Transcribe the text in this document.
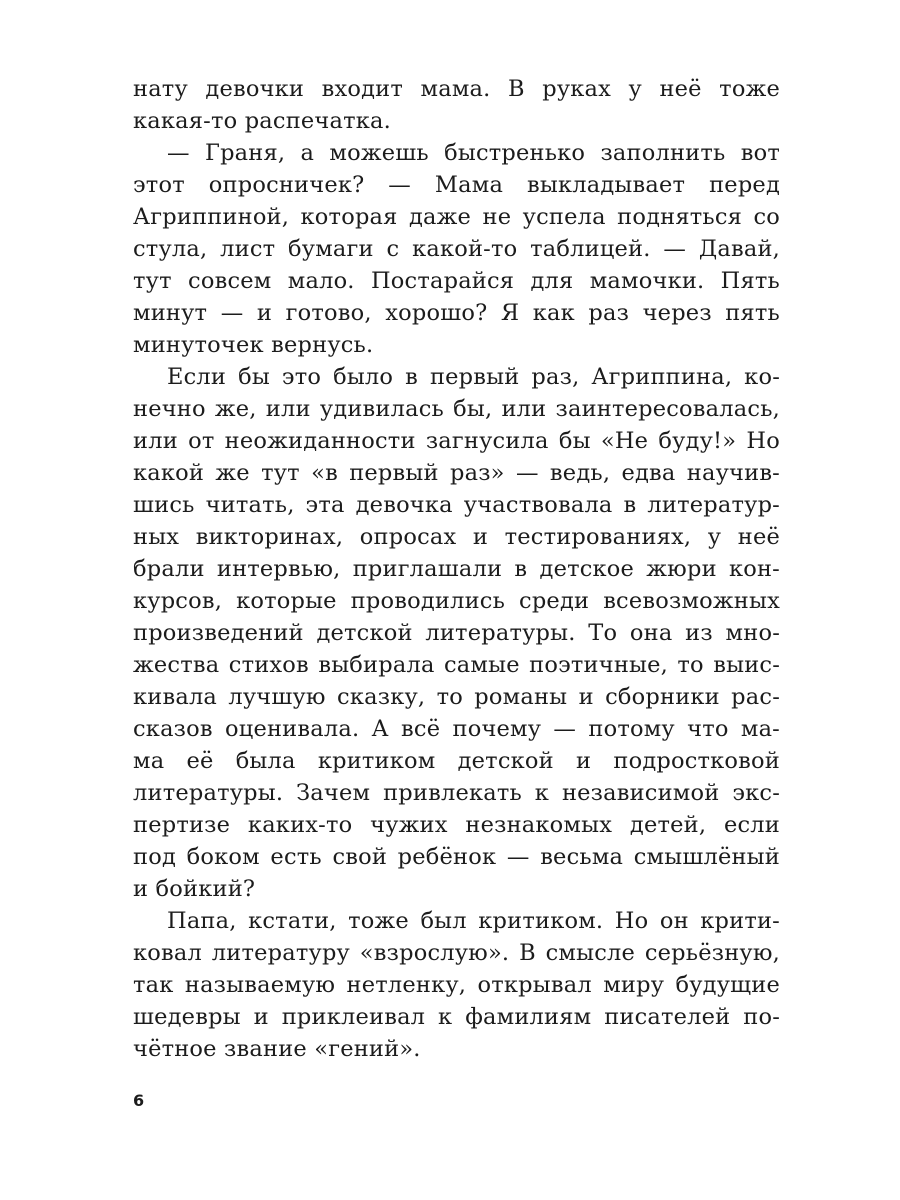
нату девочки входит мама. В руках у неё тоже
какая-то распечатка.
— Граня, а можешь быстренько заполнить вот
этот опросничек? — Мама выкладывает перед
Агриппиной, которая даже не успела подняться со
стула, лист бумаги с какой-то таблицей. — Давай,
тут совсем мало. Постарайся для мамочки. Пять
минут — и готово, хорошо? Я как раз через пять
минуточек вернусь.
Если бы это было в первый раз, Агриппина, ко-
нечно же, или удивилась бы, или заинтересовалась,
или от неожиданности загнусила бы «Не буду!» Но
какой же тут «в первый раз» — ведь, едва научив-
шись читать, эта девочка участвовала в литератур-
ных викторинах, опросах и тестированиях, у неё
брали интервью, приглашали в детское жюри кон-
курсов, которые проводились среди всевозможных
произведений детской литературы. То она из мно-
жества стихов выбирала самые поэтичные, то выис-
кивала лучшую сказку, то романы и сборники рас-
сказов оценивала. А всё почему — потому что ма-
ма её была критиком детской и подростковой
литературы. Зачем привлекать к независимой экс-
пертизе каких-то чужих незнакомых детей, если
под боком есть свой ребёнок — весьма смышлёный
и бойкий?
Папа, кстати, тоже был критиком. Но он крити-
ковал литературу «взрослую». В смысле серьёзную,
так называемую нетленку, открывал миру будущие
шедевры и приклеивал к фамилиям писателей по-
чётное звание «гений».
6
